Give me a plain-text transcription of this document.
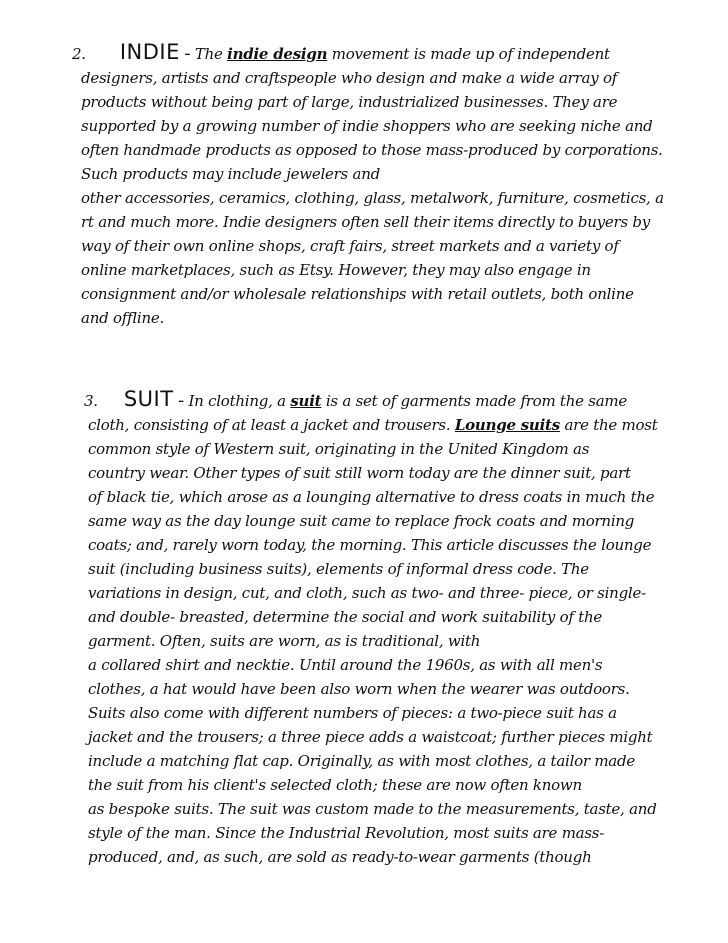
2. INDIE - The indie design movement is made up of independent
designers, artists and craftspeople who design and make a wide array of
products without being part of large, industrialized businesses. They are
supported by a growing number of indie shoppers who are seeking niche and
often handmade products as opposed to those mass-produced by corporations.
Such products may include jewelers and
other accessories, ceramics, clothing, glass, metalwork, furniture, cosmetics, a
rt and much more. Indie designers often sell their items directly to buyers by
way of their own online shops, craft fairs, street markets and a variety of
online marketplaces, such as Etsy. However, they may also engage in
consignment and/or wholesale relationships with retail outlets, both online
and offline.
3. SUIT - In clothing, a suit is a set of garments made from the same
cloth, consisting of at least a jacket and trousers. Lounge suits are the most
common style of Western suit, originating in the United Kingdom as
country wear. Other types of suit still worn today are the dinner suit, part
of black tie, which arose as a lounging alternative to dress coats in much the
same way as the day lounge suit came to replace frock coats and morning
coats; and, rarely worn today, the morning. This article discusses the lounge
suit (including business suits), elements of informal dress code. The
variations in design, cut, and cloth, such as two- and three- piece, or single-
and double- breasted, determine the social and work suitability of the
garment. Often, suits are worn, as is traditional, with
a collared shirt and necktie. Until around the 1960s, as with all men's
clothes, a hat would have been also worn when the wearer was outdoors.
Suits also come with different numbers of pieces: a two-piece suit has a
jacket and the trousers; a three piece adds a waistcoat; further pieces might
include a matching flat cap. Originally, as with most clothes, a tailor made
the suit from his client's selected cloth; these are now often known
as bespoke suits. The suit was custom made to the measurements, taste, and
style of the man. Since the Industrial Revolution, most suits are mass-
produced, and, as such, are sold as ready-to-wear garments (though
